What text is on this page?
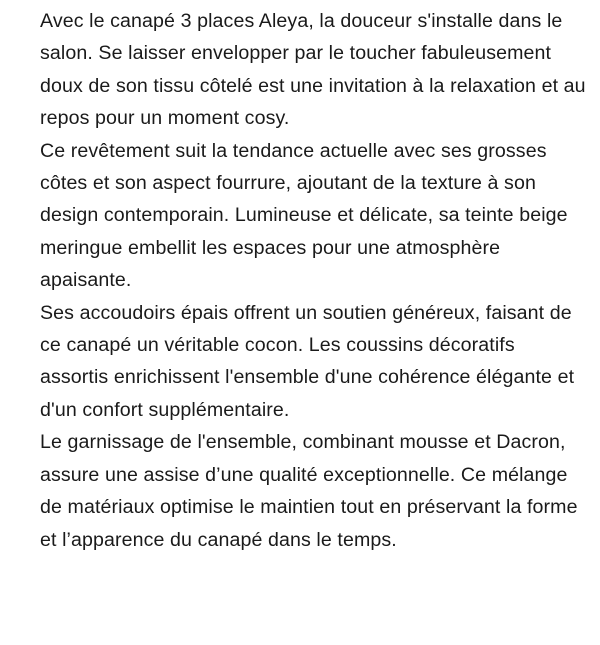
Avec le canapé 3 places Aleya, la douceur s'installe dans le salon. Se laisser envelopper par le toucher fabuleusement doux de son tissu côtelé est une invitation à la relaxation et au repos pour un moment cosy.

Ce revêtement suit la tendance actuelle avec ses grosses côtes et son aspect fourrure, ajoutant de la texture à son design contemporain. Lumineuse et délicate, sa teinte beige meringue embellit les espaces pour une atmosphère apaisante.

Ses accoudoirs épais offrent un soutien généreux, faisant de ce canapé un véritable cocon. Les coussins décoratifs assortis enrichissent l'ensemble d'une cohérence élégante et d'un confort supplémentaire.

Le garnissage de l'ensemble, combinant mousse et Dacron, assure une assise d’une qualité exceptionnelle. Ce mélange de matériaux optimise le maintien tout en préservant la forme et l’apparence du canapé dans le temps.
